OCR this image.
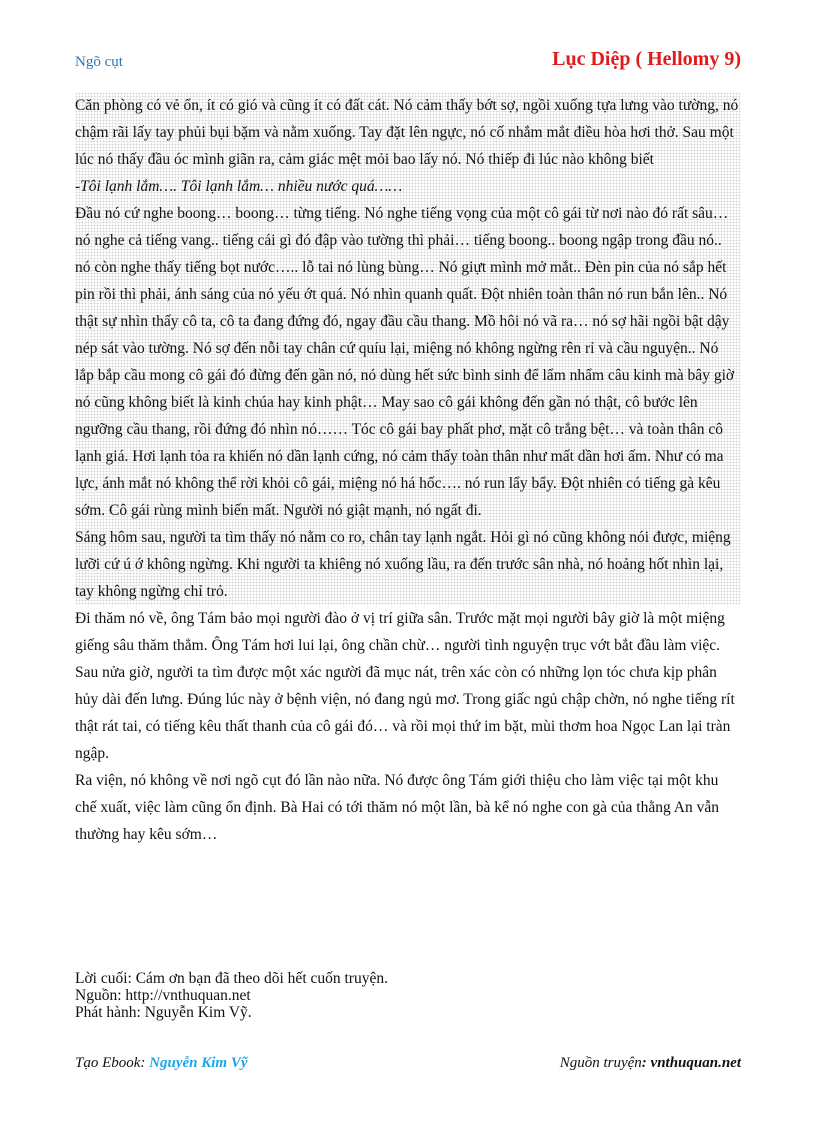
Ngõ cụt	Lục Diệp ( Hellomy 9)

Căn phòng có vẻ ổn, ít có gió và cũng ít có đất cát. Nó cảm thấy bớt sợ, ngồi xuống tựa lưng vào tường, nó chậm rãi lấy tay phủi bụi bặm và nằm xuống. Tay đặt lên ngực, nó cố nhắm mắt điều hòa hơi thở. Sau một lúc nó thấy đầu óc mình giãn ra, cảm giác mệt mỏi bao lấy nó. Nó thiếp đi lúc nào không biết

-Tôi lạnh lắm…. Tôi lạnh lắm… nhiều nước quá……

Đầu nó cứ nghe boong… boong… từng tiếng. Nó nghe tiếng vọng của một cô gái từ nơi nào đó rất sâu… nó nghe cả tiếng vang.. tiếng cái gì đó đập vào tường thì phải… tiếng boong.. boong ngập trong đầu nó.. nó còn nghe thấy tiếng bọt nước….. lỗ tai nó lùng bùng… Nó giựt mình mở mắt.. Đèn pin của nó sắp hết pin rồi thì phải, ánh sáng của nó yếu ớt quá. Nó nhìn quanh quất. Đột nhiên toàn thân nó run bắn lên.. Nó thật sự nhìn thấy cô ta, cô ta đang đứng đó, ngay đầu cầu thang. Mồ hôi nó vã ra… nó sợ hãi ngồi bật dậy nép sát vào tường. Nó sợ đến nỗi tay chân cứ quíu lại, miệng nó không ngừng rên rỉ và cầu nguyện.. Nó lắp bắp cầu mong cô gái đó đừng đến gần nó, nó dùng hết sức bình sinh để lẩm nhẩm câu kinh mà bây giờ nó cũng không biết là kinh chúa hay kinh phật… May sao cô gái không đến gần nó thật, cô bước lên ngưỡng cầu thang, rồi đứng đó nhìn nó…… Tóc cô gái bay phất phơ, mặt cô trắng bệt… và toàn thân cô lạnh giá. Hơi lạnh tỏa ra khiến nó dần lạnh cứng, nó cảm thấy toàn thân như mất dần hơi ấm. Như có ma lực, ánh mắt nó không thể rời khỏi cô gái, miệng nó há hốc…. nó run lẩy bẩy. Đột nhiên có tiếng gà kêu sớm. Cô gái rùng mình biến mất. Người nó giật mạnh, nó ngất đi.

Sáng hôm sau, người ta tìm thấy nó nằm co ro, chân tay lạnh ngắt. Hỏi gì nó cũng không nói được, miệng lưỡi cứ ú ớ không ngừng. Khi người ta khiêng nó xuống lầu, ra đến trước sân nhà, nó hoảng hốt nhìn lại, tay không ngừng chỉ trỏ.

Đi thăm nó về, ông Tám bảo mọi người đào ở vị trí giữa sân. Trước mặt mọi người bây giờ là một miệng giếng sâu thăm thẳm. Ông Tám hơi lui lại, ông chần chừ… người tình nguyện trục vớt bắt đầu làm việc. Sau nửa giờ, người ta tìm được một xác người đã mục nát, trên xác còn có những lọn tóc chưa kịp phân hủy dài đến lưng. Đúng lúc này ở bệnh viện, nó đang ngủ mơ. Trong giấc ngủ chập chờn, nó nghe tiếng rít thật rát tai, có tiếng kêu thất thanh của cô gái đó… và rồi mọi thứ im bặt, mùi thơm hoa Ngọc Lan lại tràn ngập.

Ra viện, nó không về nơi ngõ cụt đó lần nào nữa. Nó được ông Tám giới thiệu cho làm việc tại một khu chế xuất, việc làm cũng ổn định. Bà Hai có tới thăm nó một lần, bà kể nó nghe con gà của thằng An vẫn thường hay kêu sớm…

Lời cuối: Cám ơn bạn đã theo dõi hết cuốn truyện.
Nguồn: http://vnthuquan.net
Phát hành: Nguyễn Kim Vỹ.
Tạo Ebook: Nguyễn Kim Vỹ	Nguồn truyện: vnthuquan.net
